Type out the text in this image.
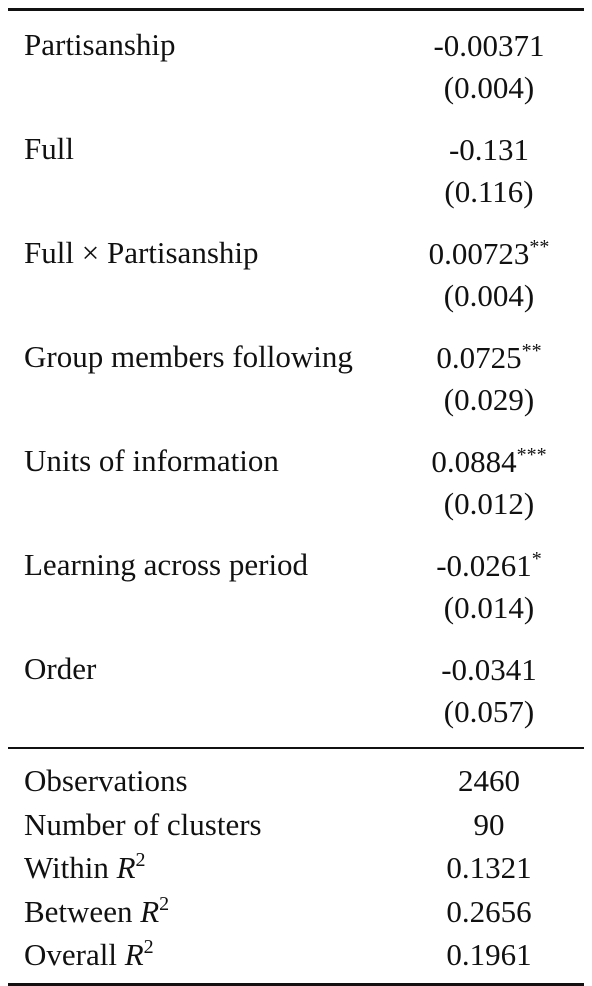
Partisanship	-0.00371
(0.004)
Full	-0.131
(0.116)
Full × Partisanship	0.00723**
(0.004)
Group members following	0.0725**
(0.029)
Units of information	0.0884***
(0.012)
Learning across period	-0.0261*
(0.014)
Order	-0.0341
(0.057)
Observations	2460
Number of clusters	90
Within $R^2$	0.1321
Between $R^2$	0.2656
Overall $R^2$	0.1961
